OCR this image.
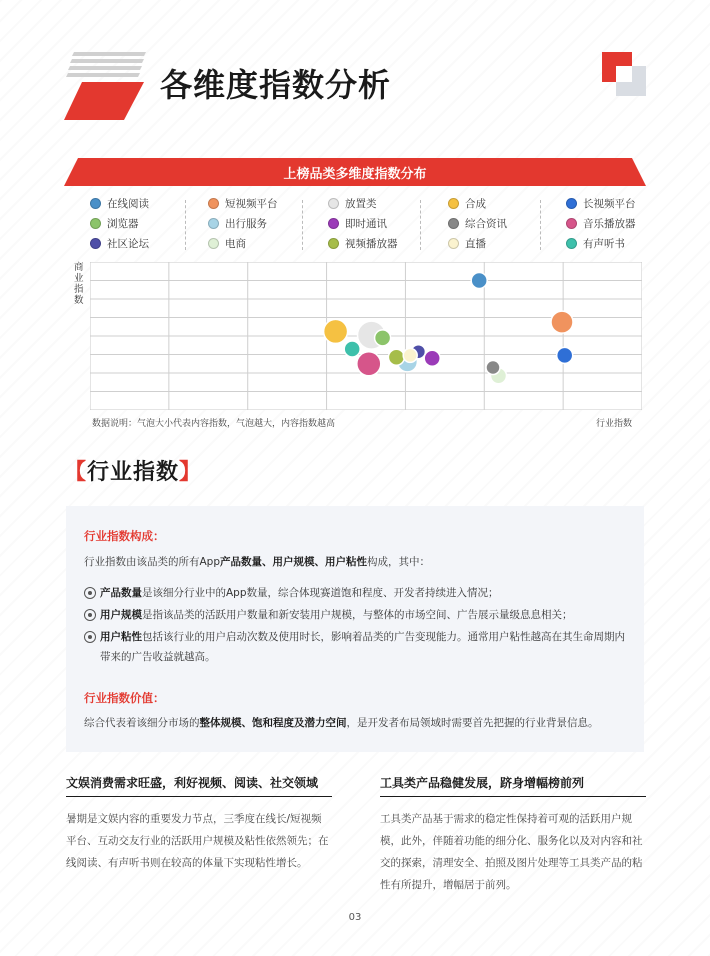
各维度指数分析
上榜品类多维度指数分布
在线阅读	短视频平台	放置类	合成	长视频平台
浏览器	出行服务	即时通讯	综合资讯	音乐播放器
社区论坛	电商	视频播放器	直播	有声听书
商业指数
数据说明：气泡大小代表内容指数，气泡越大，内容指数越高	行业指数
【行业指数】
行业指数构成：
行业指数由该品类的所有App产品数量、用户规模、用户粘性构成，其中：
产品数量是该细分行业中的App数量，综合体现赛道饱和程度、开发者持续进入情况；
用户规模是指该品类的活跃用户数量和新安装用户规模，与整体的市场空间、广告展示量级息息相关；
用户粘性包括该行业的用户启动次数及使用时长，影响着品类的广告变现能力。通常用户粘性越高在其生命周期内
带来的广告收益就越高。
行业指数价值：
综合代表着该细分市场的整体规模、饱和程度及潜力空间，是开发者布局领域时需要首先把握的行业背景信息。
文娱消费需求旺盛，利好视频、阅读、社交领域
暑期是文娱内容的重要发力节点，三季度在线长/短视频
平台、互动交友行业的活跃用户规模及粘性依然领先；在
线阅读、有声听书则在较高的体量下实现粘性增长。
工具类产品稳健发展，跻身增幅榜前列
工具类产品基于需求的稳定性保持着可观的活跃用户规
模，此外，伴随着功能的细分化、服务化以及对内容和社
交的探索，清理安全、拍照及图片处理等工具类产品的粘
性有所提升，增幅居于前列。
03
